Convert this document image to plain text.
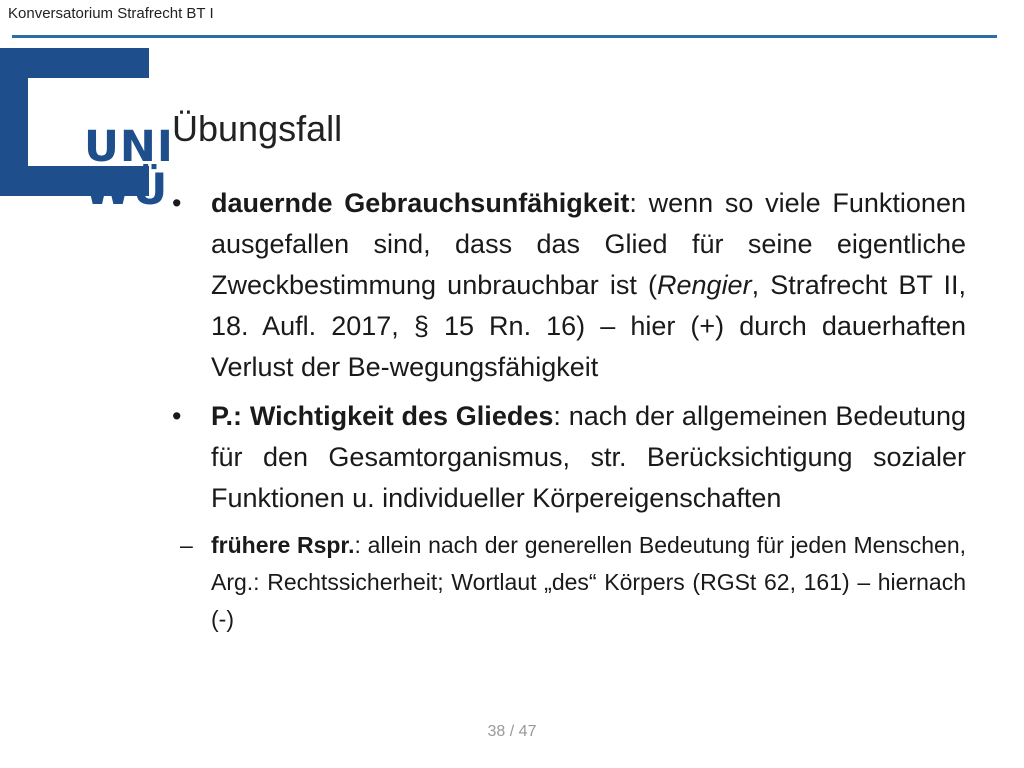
Konversatorium Strafrecht BT I
UNI
WÜ
Übungsfall
• dauernde Gebrauchsunfähigkeit: wenn so viele Funktionen ausgefallen sind, dass das Glied für seine eigentliche Zweckbestimmung unbrauchbar ist (Rengier, Strafrecht BT II, 18. Aufl. 2017, § 15 Rn. 16) – hier (+) durch dauerhaften Verlust der Be-wegungsfähigkeit
• P.: Wichtigkeit des Gliedes: nach der allgemeinen Bedeutung für den Gesamtorganismus, str. Berücksichtigung sozialer Funktionen u. individueller Körpereigenschaften
– frühere Rspr.: allein nach der generellen Bedeutung für jeden Menschen, Arg.: Rechtssicherheit; Wortlaut „des“ Körpers (RGSt 62, 161) – hiernach (-)
38 / 47
